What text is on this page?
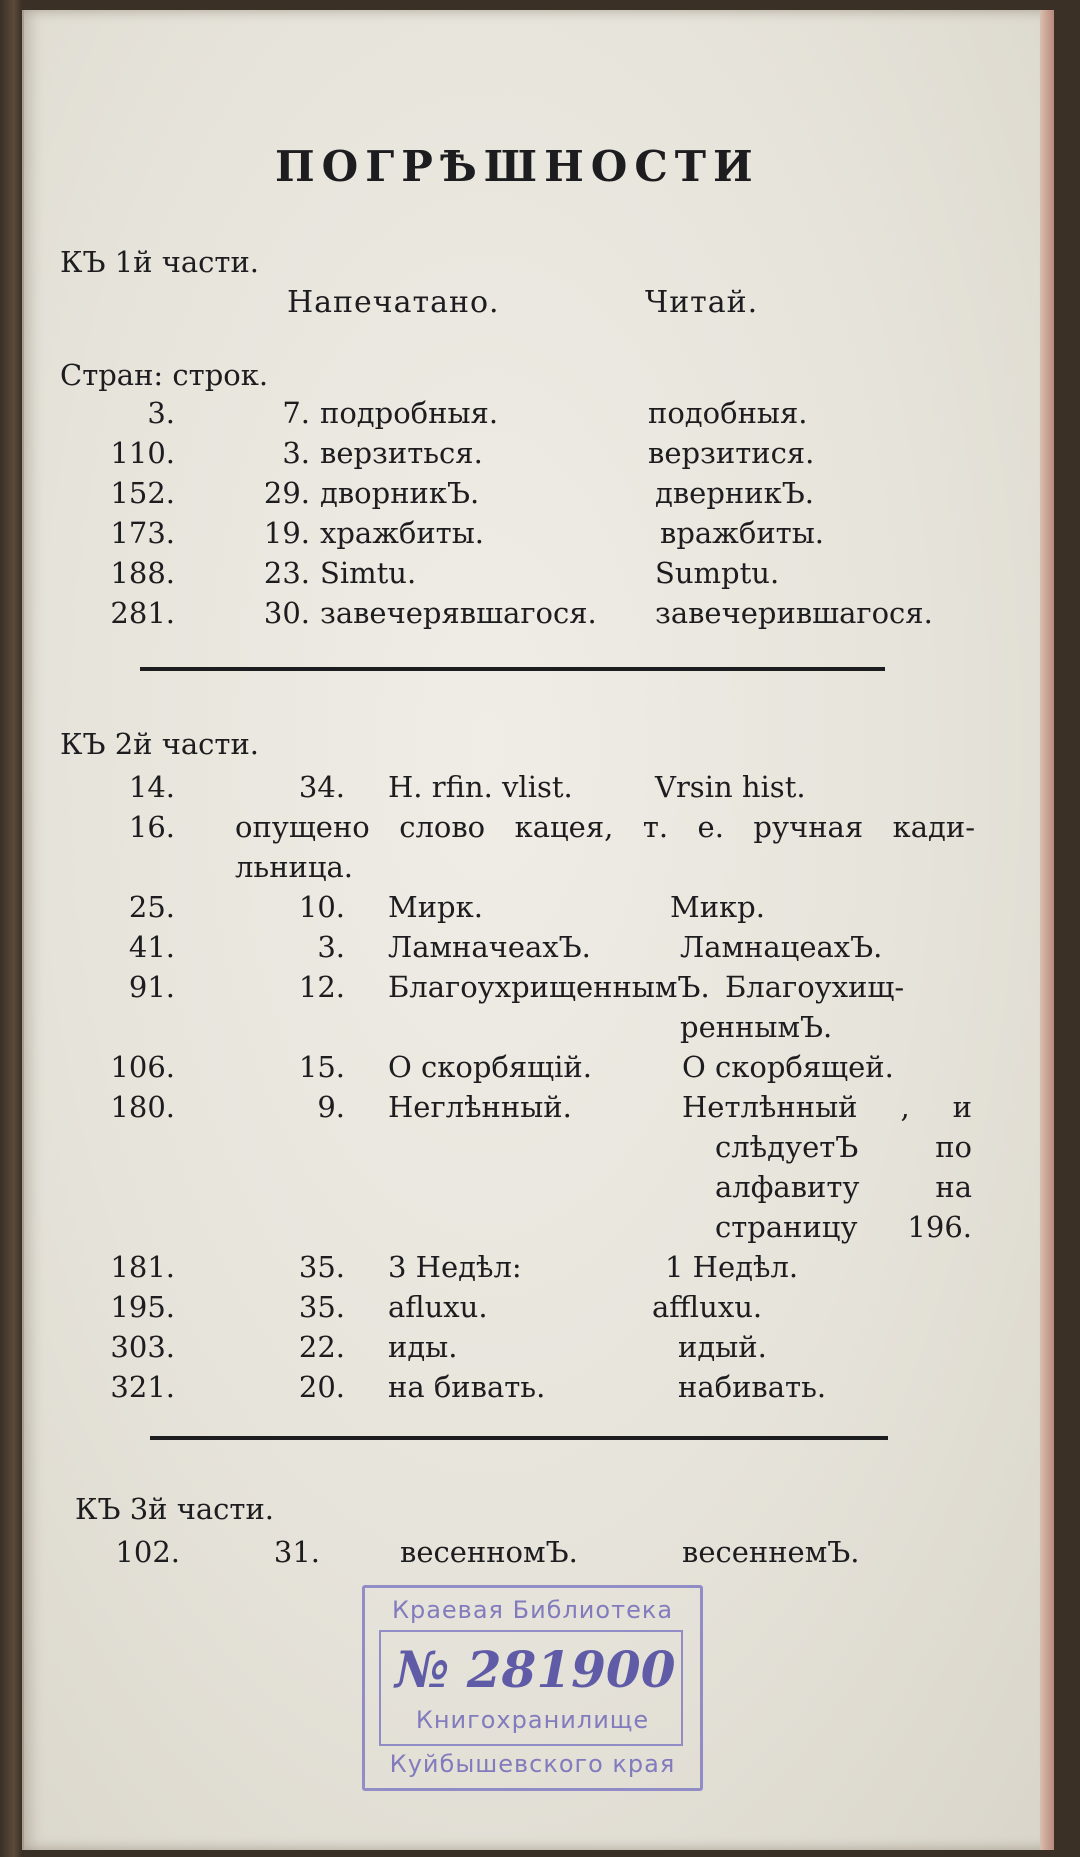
ПОГРѢШНОСТИ
КЪ 1й части.
Напечатано.	Читай.
Стран: строк.
3.	7. подробныя.	подобныя.
110.	3. верзиться.	верзитися.
152.	29. дворникЪ.	дверникЪ.
173.	19. хражбиты.	вражбиты.
188.	23. Simtu.	Sumptu.
281.	30. завечерявшагося. завечерившагося.
КЪ 2й части.
14.	34. H. rfin. vlist.	Vrsin hist.
16. опущено слово кацея, т. е. ручная кади-
льница.
25.	10. Мирк.	Микр.
41.	3. ЛамначеахЪ.	ЛамнацеахЪ.
91.	12. БлагоухрищеннымЪ. Благоухищ-
реннымЪ.
106.	15. О скорбящій.	О скорбящей.
180.	9. Неглѣнный.	Нетлѣнный , и
слѣдуетЪ по
алфавиту на
страницу 196.
181.	35. 3 Недѣл:	1 Недѣл.
195.	35. afluxu.	affluxu.
303.	22. иды.	идый.
321.	20. на бивать.	набивать.
КЪ 3й части.
102.	31.	весенномЪ.	весеннемЪ.
Краевая Библиотека
№ 281900
Книгохранилище
Куйбышевского края
